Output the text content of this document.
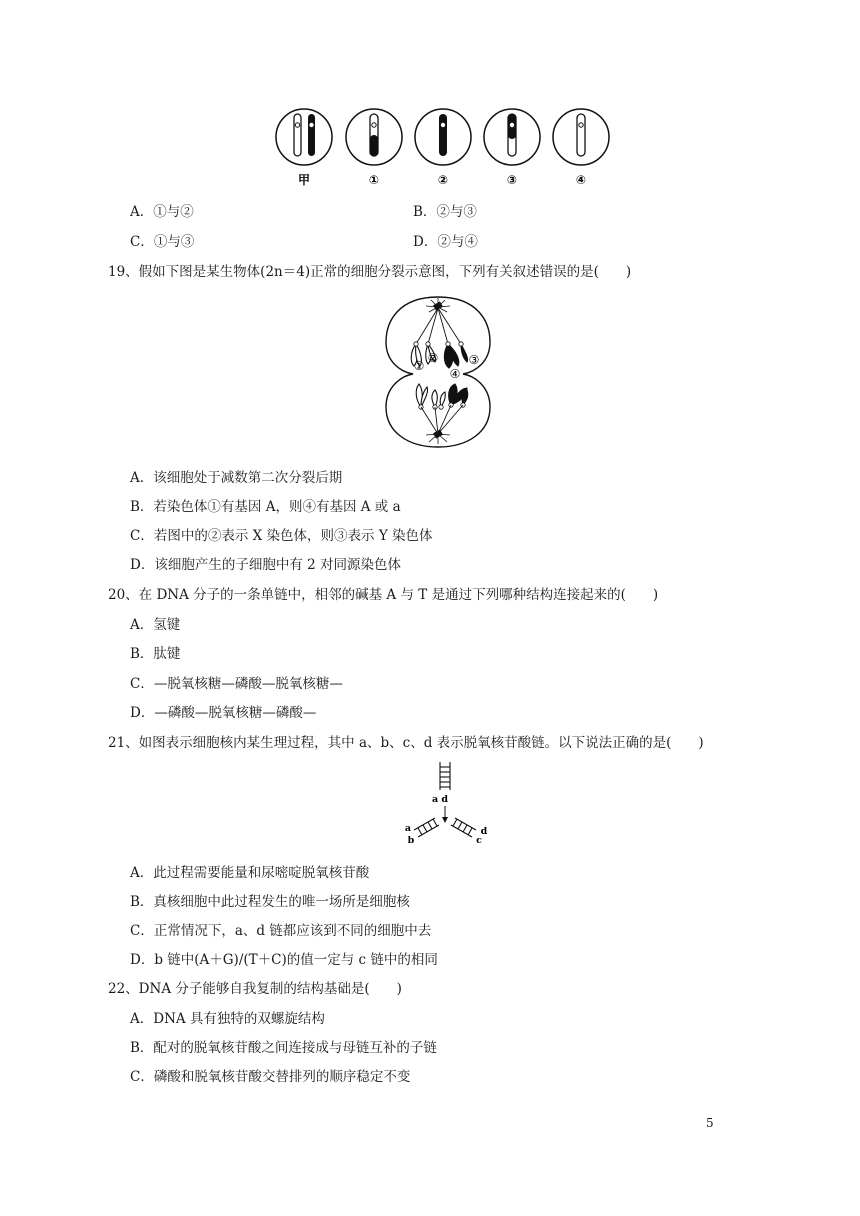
甲	①	②	③	④
A．①与②	B．②与③
C．①与③	D．②与④
19、假如下图是某生物体(2n＝4)正常的细胞分裂示意图，下列有关叙述错误的是(　　)
①
②
④
③
A．该细胞处于减数第二次分裂后期
B．若染色体①有基因 A，则④有基因 A 或 a
C．若图中的②表示 X 染色体，则③表示 Y 染色体
D．该细胞产生的子细胞中有 2 对同源染色体
20、在 DNA 分子的一条单链中，相邻的碱基 A 与 T 是通过下列哪种结构连接起来的(　　)
A．氢键
B．肽键
C．—脱氧核糖—磷酸—脱氧核糖—
D．—磷酸—脱氧核糖—磷酸—
21、如图表示细胞核内某生理过程，其中 a、b、c、d 表示脱氧核苷酸链。以下说法正确的是(　　)
a d
a
b	c
d
A．此过程需要能量和尿嘧啶脱氧核苷酸
B．真核细胞中此过程发生的唯一场所是细胞核
C．正常情况下，a、d 链都应该到不同的细胞中去
D．b 链中(A＋G)/(T＋C)的值一定与 c 链中的相同
22、DNA 分子能够自我复制的结构基础是(　　)
A．DNA 具有独特的双螺旋结构
B．配对的脱氧核苷酸之间连接成与母链互补的子链
C．磷酸和脱氧核苷酸交替排列的顺序稳定不变
5
